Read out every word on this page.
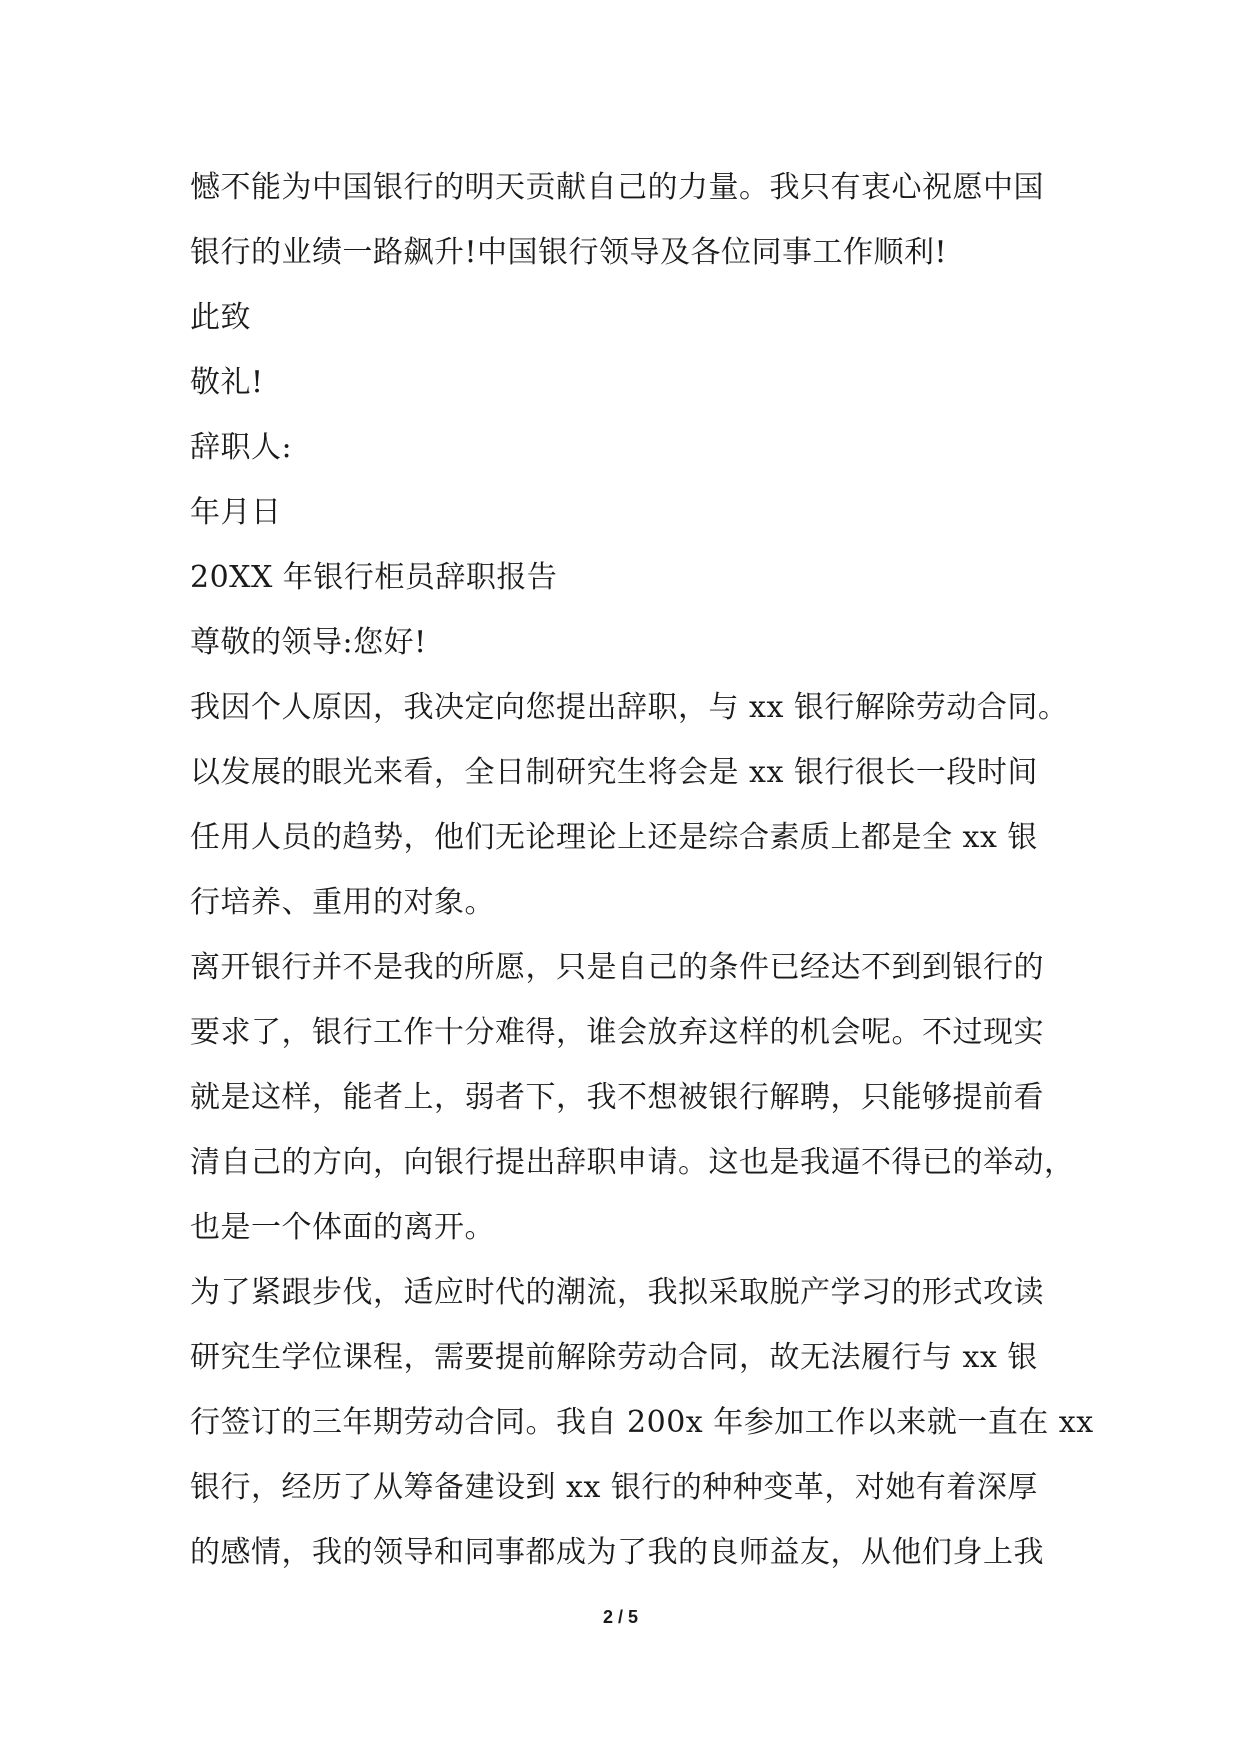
憾不能为中国银行的明天贡献自己的力量。我只有衷心祝愿中国
银行的业绩一路飙升!中国银行领导及各位同事工作顺利!
此致
敬礼!
辞职人:
年月日
20XX 年银行柜员辞职报告
尊敬的领导:您好!
我因个人原因，我决定向您提出辞职，与 xx 银行解除劳动合同。
以发展的眼光来看，全日制研究生将会是 xx 银行很长一段时间
任用人员的趋势，他们无论理论上还是综合素质上都是全 xx 银
行培养、重用的对象。
离开银行并不是我的所愿，只是自己的条件已经达不到到银行的
要求了，银行工作十分难得，谁会放弃这样的机会呢。不过现实
就是这样，能者上，弱者下，我不想被银行解聘，只能够提前看
清自己的方向，向银行提出辞职申请。这也是我逼不得已的举动，
也是一个体面的离开。
为了紧跟步伐，适应时代的潮流，我拟采取脱产学习的形式攻读
研究生学位课程，需要提前解除劳动合同，故无法履行与 xx 银
行签订的三年期劳动合同。我自 200x 年参加工作以来就一直在 xx
银行，经历了从筹备建设到 xx 银行的种种变革，对她有着深厚
的感情，我的领导和同事都成为了我的良师益友，从他们身上我
2 / 5
